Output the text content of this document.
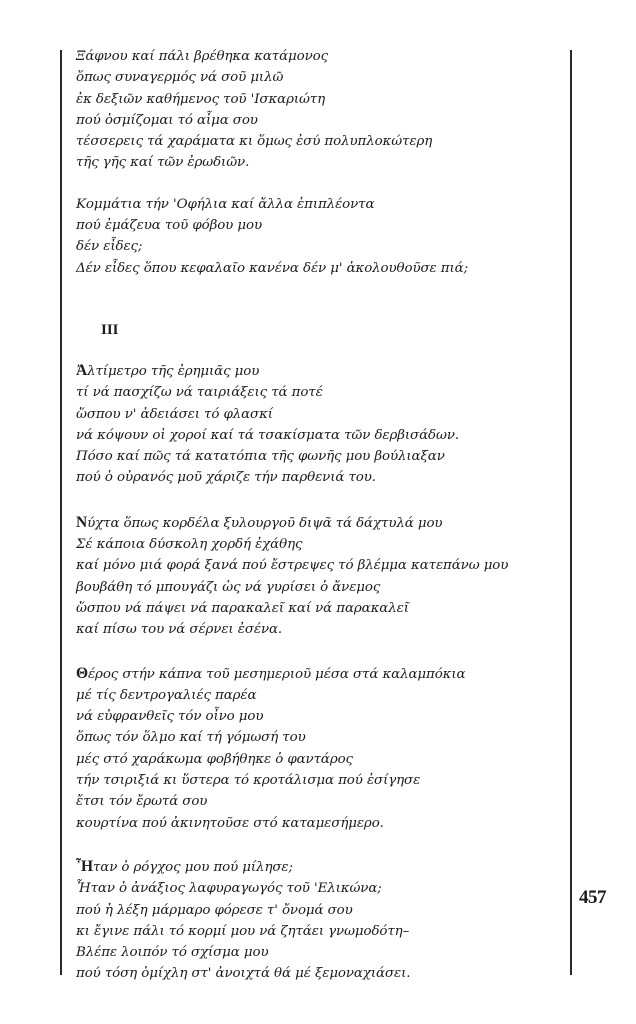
457
Ξάφνου καί πάλι βρέθηκα κατάμονος
ὅπως συναγερμός νά σοῦ μιλῶ
ἐκ δεξιῶν καθήμενος τοῦ 'Ισκαριώτη
πού ὀσμίζομαι τό αἷμα σου
τέσσερεις τά χαράματα κι ὅμως ἐσύ πολυπλοκώτερη
τῆς γῆς καί τῶν ἐρωδιῶν.
Κομμάτια τήν 'Οφήλια καί ἄλλα ἐπιπλέοντα
πού ἐμάζευα τοῦ φόβου μου
δέν εἶδες;
Δέν εἶδες ὅπου κεφαλαῖο κανένα δέν μ' ἀκολουθοῦσε πιά;
III
Ἀλτίμετρο τῆς ἐρημιᾶς μου
τί νά πασχίζω νά ταιριάξεις τά ποτέ
ὥσπου ν' ἀδειάσει τό φλασκί
νά κόψουν οἱ χοροί καί τά τσακίσματα τῶν δερβισάδων.
Πόσο καί πῶς τά κατατόπια τῆς φωνῆς μου βούλιαξαν
πού ὁ οὐρανός μοῦ χάριζε τήν παρθενιά του.
Νύχτα ὅπως κορδέλα ξυλουργοῦ διψᾶ τά δάχτυλά μου
Σέ κάποια δύσκολη χορδή ἐχάθης
καί μόνο μιά φορά ξανά πού ἔστρεψες τό βλέμμα κατεπάνω μου
βουβάθη τό μπουγάζι ὡς νά γυρίσει ὁ ἄνεμος
ὥσπου νά πάψει νά παρακαλεῖ καί νά παρακαλεῖ
καί πίσω του νά σέρνει ἐσένα.
Θέρος στήν κάπνα τοῦ μεσημεριοῦ μέσα στά καλαμπόκια
μέ τίς δεντρογαλιές παρέα
νά εὐφρανθεῖς τόν οἶνο μου
ὅπως τόν ὅλμο καί τή γόμωσή του
μές στό χαράκωμα φοβήθηκε ὁ φαντάρος
τήν τσιριξιά κι ὕστερα τό κροτάλισμα πού ἐσίγησε
ἔτσι τόν ἔρωτά σου
κουρτίνα πού ἀκινητοῦσε στό καταμεσήμερο.
Ἦταν ὁ ρόγχος μου πού μίλησε;
Ἦταν ὁ ἀνάξιος λαφυραγωγός τοῦ 'Ελικώνα;
πού ἡ λέξη μάρμαρο φόρεσε τ' ὄνομά σου
κι ἔγινε πάλι τό κορμί μου νά ζητάει γνωμοδότη–
Βλέπε λοιπόν τό σχίσμα μου
πού τόση ὁμίχλη στ' ἀνοιχτά θά μέ ξεμοναχιάσει.
